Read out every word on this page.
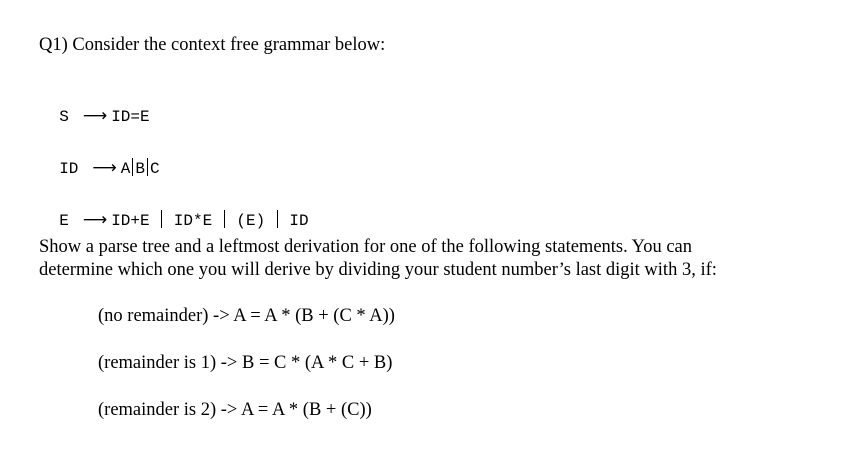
Q1) Consider the context free grammar below:

S ⟶ ID=E

ID ⟶ A B C

E ⟶ ID+E  ID*E  (E)  ID

Show a parse tree and a leftmost derivation for one of the following statements. You can
determine which one you will derive by dividing your student number’s last digit with 3, if:
(no remainder) -> A = A * (B + (C * A))
(remainder is 1) -> B = C * (A * C + B)
(remainder is 2) -> A = A * (B + (C))
